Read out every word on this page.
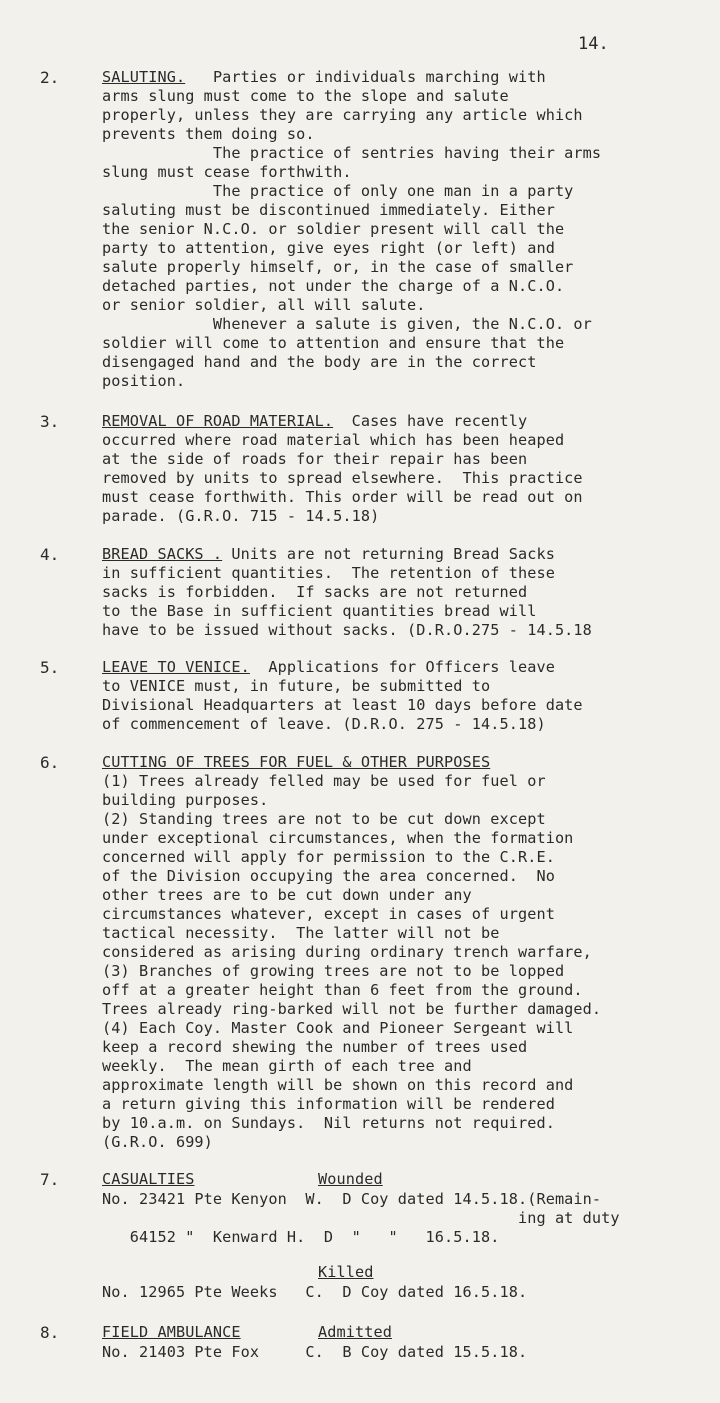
14.
2.	SALUTING. Parties or individuals marching with
arms slung must come to the slope and salute
properly, unless they are carrying any article which
prevents them doing so.
The practice of sentries having their arms
slung must cease forthwith.
The practice of only one man in a party
saluting must be discontinued immediately. Either
the senior N.C.O. or soldier present will call the
party to attention, give eyes right (or left) and
salute properly himself, or, in the case of smaller
detached parties, not under the charge of a N.C.O.
or senior soldier, all will salute.
Whenever a salute is given, the N.C.O. or
soldier will come to attention and ensure that the
disengaged hand and the body are in the correct
position.
3.	REMOVAL OF ROAD MATERIAL. Cases have recently
occurred where road material which has been heaped
at the side of roads for their repair has been
removed by units to spread elsewhere.  This practice
must cease forthwith. This order will be read out on
parade. (G.R.O. 715 - 14.5.18)
4.	BREAD SACKS . Units are not returning Bread Sacks
in sufficient quantities.  The retention of these
sacks is forbidden.  If sacks are not returned
to the Base in sufficient quantities bread will
have to be issued without sacks. (D.R.O.275 - 14.5.18
5.	LEAVE TO VENICE. Applications for Officers leave
to VENICE must, in future, be submitted to
Divisional Headquarters at least 10 days before date
of commencement of leave. (D.R.O. 275 - 14.5.18)
6.	CUTTING OF TREES FOR FUEL & OTHER PURPOSES
(1) Trees already felled may be used for fuel or
building purposes.
(2) Standing trees are not to be cut down except
under exceptional circumstances, when the formation
concerned will apply for permission to the C.R.E.
of the Division occupying the area concerned.  No
other trees are to be cut down under any
circumstances whatever, except in cases of urgent
tactical necessity.  The latter will not be
considered as arising during ordinary trench warfare,
(3) Branches of growing trees are not to be lopped
off at a greater height than 6 feet from the ground.
Trees already ring-barked will not be further damaged.
(4) Each Coy. Master Cook and Pioneer Sergeant will
keep a record shewing the number of trees used
weekly.  The mean girth of each tree and
approximate length will be shown on this record and
a return giving this information will be rendered
by 10.a.m. on Sundays.  Nil returns not required.
(G.R.O. 699)
7.	CASUALTIES	Wounded
No. 23421 Pte Kenyon  W.  D Coy dated 14.5.18.(Remain-
ing at duty
64152 "  Kenward H.  D  "   "   16.5.18.
Killed
No. 12965 Pte Weeks   C.  D Coy dated 16.5.18.
8.	FIELD AMBULANCE	Admitted
No. 21403 Pte Fox     C.  B Coy dated 15.5.18.
